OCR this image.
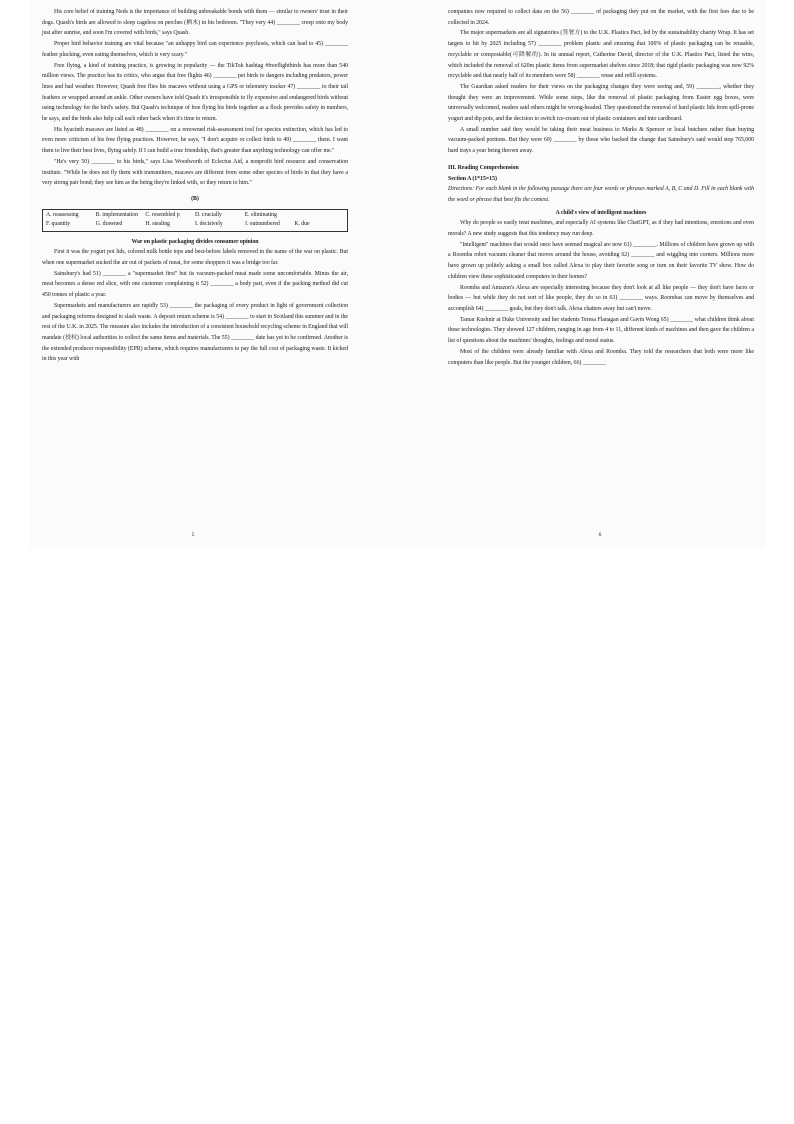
His core belief of training Neds is the importance of building unbreakable bonds with them — similar to owners' trust in their dogs. Quash's birds are allowed to sleep cageless on perches (栖木) in his bedroom. "They very 44) ________ creep onto my body just after sunrise, and soon I'm covered with birds," says Quash.

Proper bird behavior training are vital because "an unhappy bird can experience psychosis, which can lead to 45) ________ feather plucking, even eating themselves, which is very scary."

Free flying, a kind of training practice, is growing in popularity — the TikTok hashtag #freeflightbirds has more than 540 million views. The practice has its critics, who argue that free flights 46) ________ pet birds to dangers including predators, power lines and bad weather. However, Quash free flies his macaws without using a GPS or telemetry tracker 47) ________ to their tail feathers or wrapped around an ankle. Other owners have told Quash it's irresponsible to fly expensive and endangered birds without using technology for the bird's safety. But Quash's technique of free flying his birds together as a flock provides safety in numbers, he says, and the birds also help call each other back when it's time to return.

His hyacinth macaws are listed as 48) ________ on a renowned risk-assessment tool for species extinction, which has led to even more criticism of his free flying practices. However, he says, "I don't acquire or collect birds to 49) ________ them. I want them to live their best lives, flying safely. If I can build a true friendship, that's greater than anything technology can offer me."

"He's very 50) ________ to his birds," says Lisa Woodworth of Eclectus Aid, a nonprofit bird resource and conservation institute. "While he does not fly them with transmitters, macaws are different from some other species of birds in that they have a very strong pair bond; they see him as the being they're linked with, so they return to him."

(B)

A. reassessing	B. implementation	C. resembled p	D. crucially	E. eliminating
F. quantity	G. drawned	H. stealing	I. decisively	J. outnumbered	K. due

War on plastic packaging divides consumer opinion

First it was the yogurt pot lids, colored milk bottle tops and best-before labels removed in the name of the war on plastic. But when one supermarket sucked the air out of packets of meat, for some shoppers it was a bridge too far.

Sainsbury's had 51) ________ a "supermarket first" but its vacuum-packed meat made some uncomfortable. Minus the air, meat becomes a dense red slice, with one customer complaining it 52) ________ a body part, even if the packing method did cut 450 tonnes of plastic a year.

Supermarkets and manufacturers are rapidly 53) ________ the packaging of every product in light of government collection and packaging reforms designed to slash waste. A deposit return scheme is 54) ________ to start in Scotland this summer and in the rest of the U.K. in 2025. The measure also includes the introduction of a consistent household recycling scheme in England that will mandate (授权) local authorities to collect the same items and materials. The 55) ________ date has yet to be confirmed. Another is the extended producer responsibility (EPR) scheme, which requires manufacturers to pay the full cost of packaging waste. It kicked in this year with

5

companies now required to collect data on the 56) ________ of packaging they put on the market, with the first fees due to be collected in 2024.

The major supermarkets are all signatories (签署方) to the U.K. Plastics Pact, led by the sustainability charity Wrap. It has set targets to hit by 2025 including 57) ________ problem plastic and ensuring that 100% of plastic packaging can be reusable, recyclable or compostable(可降解的). In its annual report, Catherine David, director of the U.K. Plastics Pact, listed the wins, which included the removal of 620m plastic items from supermarket shelves since 2018; that rigid plastic packaging was now 92% recyclable and that nearly half of its members were 58) ________ reuse and refill systems.

The Guardian asked readers for their views on the packaging changes they were seeing and, 59) ________, whether they thought they were an improvement. While some steps, like the removal of plastic packaging from Easter egg boxes, were universally welcomed, readers said others might be wrong-headed. They questioned the removal of hard plastic lids from spill-prone yogurt and dip pots, and the decision to switch ice-cream out of plastic containers and into cardboard.

A small number said they would be taking their meat business to Marks & Spencer or local butchers rather than buying vacuum-packed portions. But they were 60) ________ by those who backed the change that Sainsbury's said would stop 765,000 hard trays a year being thrown away.

III. Reading Comprehension

Section A (1*15=15)

Directions: For each blank in the following passage there are four words or phrases marked A, B, C and D. Fill in each blank with the word or phrase that best fits the context.

A child's view of intelligent machines

Why do people so easily treat machines, and especially AI systems like ChatGPT, as if they had intentions, emotions and even morals? A new study suggests that this tendency may run deep.

"Intelligent" machines that would once have seemed magical are now 61) ________. Millions of children have grown up with a Roomba robot vacuum cleaner that moves around the house, avoiding 62) ________ and wiggling into corners. Millions more have grown up politely asking a small box called Alexa to play their favorite song or turn on their favorite TV show. How do children view these sophisticated computers in their homes?

Roomba and Amazon's Alexa are especially interesting because they don't look at all like people — they don't have faces or bodies — but while they do not sort of like people, they do so in 63) ________ ways. Roombas can move by themselves and accomplish 64) ________ goals, but they don't talk. Alexa chatters away but can't move.

Tamar Kushnir at Duke University and her students Teresa Flanagan and Gavin Wong 65) ________ what children think about these technologies. They showed 127 children, ranging in age from 4 to 11, different kinds of machines and then gave the children a list of questions about the machines' thoughts, feelings and moral status.

Most of the children were already familiar with Alexa and Roomba. They told the researchers that both were more like computers than like people. But the younger children, 66) ________

6
